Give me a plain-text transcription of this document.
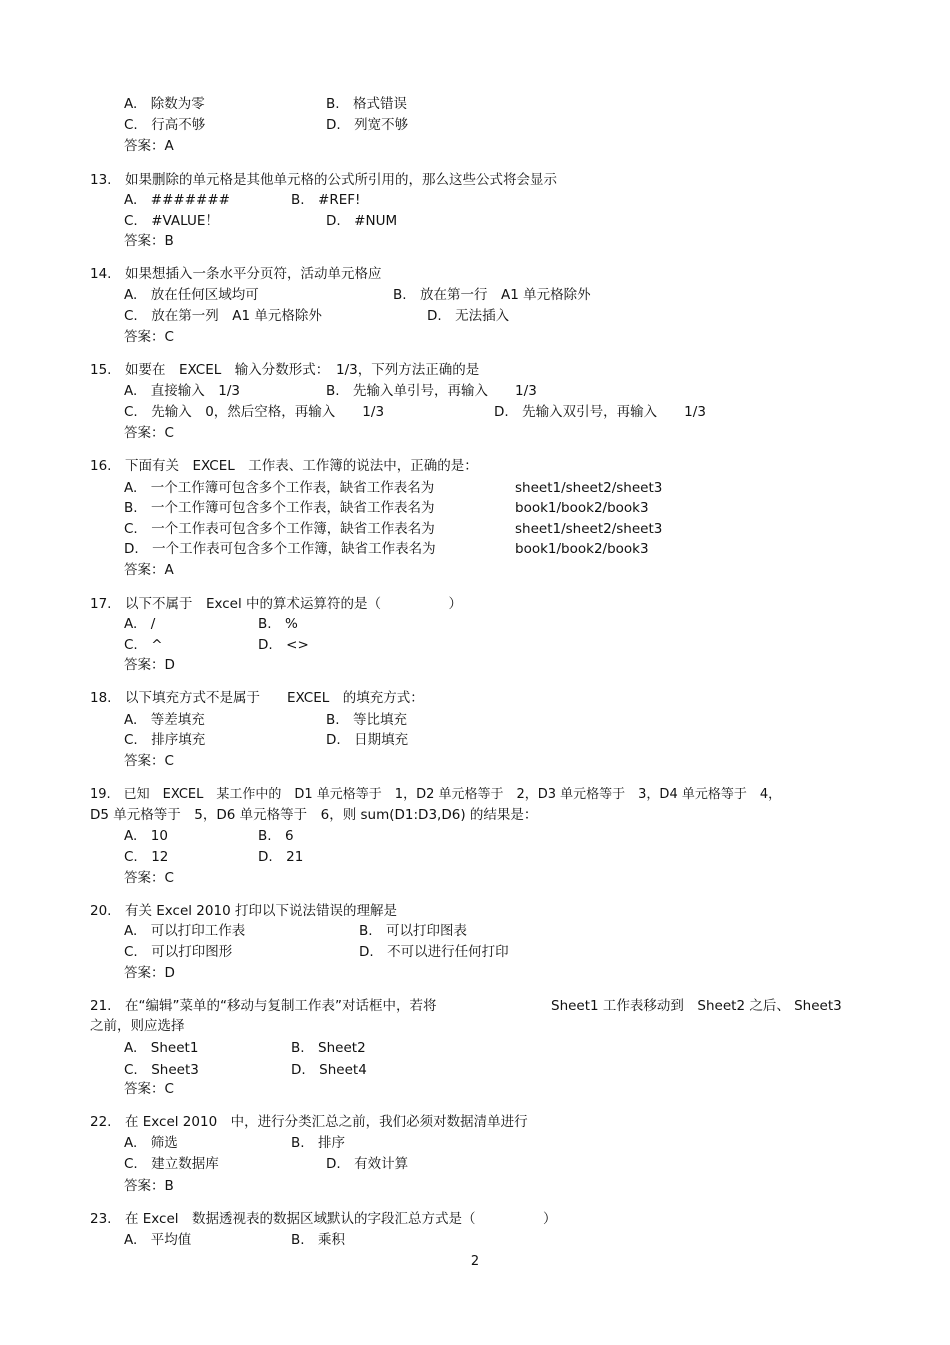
A.　除数为零	B.　格式错误
C.　行高不够	D.　列宽不够
答案：A
13.　如果删除的单元格是其他单元格的公式所引用的，那么这些公式将会显示
A.　#######	B.　#REF!
C.　#VALUE！	D.　#NUM
答案：B
14.　如果想插入一条水平分页符，活动单元格应
A.　放在任何区域均可	B.　放在第一行　A1 单元格除外
C.　放在第一列　A1 单元格除外	D.　无法插入
答案：C
15.　如要在　EXCEL　输入分数形式：　1/3，下列方法正确的是
A.　直接输入　1/3	B.　先输入单引号，再输入　　1/3
C.　先输入　0，然后空格，再输入　　1/3	D.　先输入双引号，再输入　　1/3
答案：C
16.　下面有关　EXCEL　工作表、工作簿的说法中，正确的是：
A.　一个工作簿可包含多个工作表，缺省工作表名为	sheet1/sheet2/sheet3
B.　一个工作簿可包含多个工作表，缺省工作表名为	book1/book2/book3
C.　一个工作表可包含多个工作簿，缺省工作表名为	sheet1/sheet2/sheet3
D.　一个工作表可包含多个工作簿，缺省工作表名为	book1/book2/book3
答案：A
17.　以下不属于　Excel 中的算术运算符的是（　　　　　）
A.　/	B.　%
C.　^	D.　<>
答案：D
18.　以下填充方式不是属于　　EXCEL　的填充方式：
A.　等差填充	B.　等比填充
C.　排序填充	D.　日期填充
答案：C
19.　已知　EXCEL　某工作中的　D1 单元格等于　1，D2 单元格等于　2，D3 单元格等于　3，D4 单元格等于　4，
D5 单元格等于　5，D6 单元格等于　6，则 sum(D1:D3,D6) 的结果是：
A.　10	B.　6
C.　12	D.　21
答案：C
20.　有关 Excel 2010 打印以下说法错误的理解是
A.　可以打印工作表	B.　可以打印图表
C.　可以打印图形	D.　不可以进行任何打印
答案：D
21.　在“编辑”菜单的“移动与复制工作表”对话框中，若将	Sheet1 工作表移动到　Sheet2 之后、 Sheet3
之前，则应选择
A.　Sheet1	B.　Sheet2
C.　Sheet3	D.　Sheet4
答案：C
22.　在 Excel 2010　中，进行分类汇总之前，我们必须对数据清单进行
A.　筛选	B.　排序
C.　建立数据库	D.　有效计算
答案：B
23.　在 Excel　数据透视表的数据区域默认的字段汇总方式是（　　　　　）
A.　平均值	B.　乘积
2
